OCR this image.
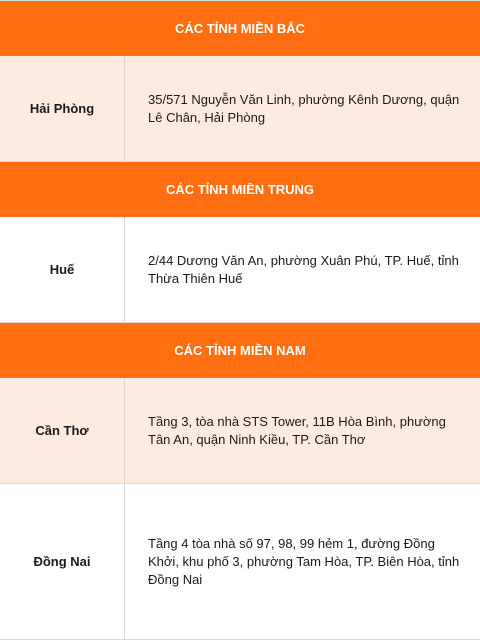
CÁC TỈNH MIỀN BẮC
Hải Phòng
35/571 Nguyễn Văn Linh, phường Kênh Dương, quận Lê Chân, Hải Phòng
CÁC TỈNH MIỀN TRUNG
Huế
2/44 Dương Văn An, phường Xuân Phú, TP. Huế, tỉnh Thừa Thiên Huế
CÁC TỈNH MIỀN NAM
Cần Thơ
Tầng 3, tòa nhà STS Tower, 11B Hòa Bình, phường Tân An, quận Ninh Kiều, TP. Cần Thơ
Đồng Nai
Tầng 4 tòa nhà số 97, 98, 99 hẻm 1, đường Đồng Khởi, khu phố 3, phường Tam Hòa, TP. Biên Hòa, tỉnh Đồng Nai
